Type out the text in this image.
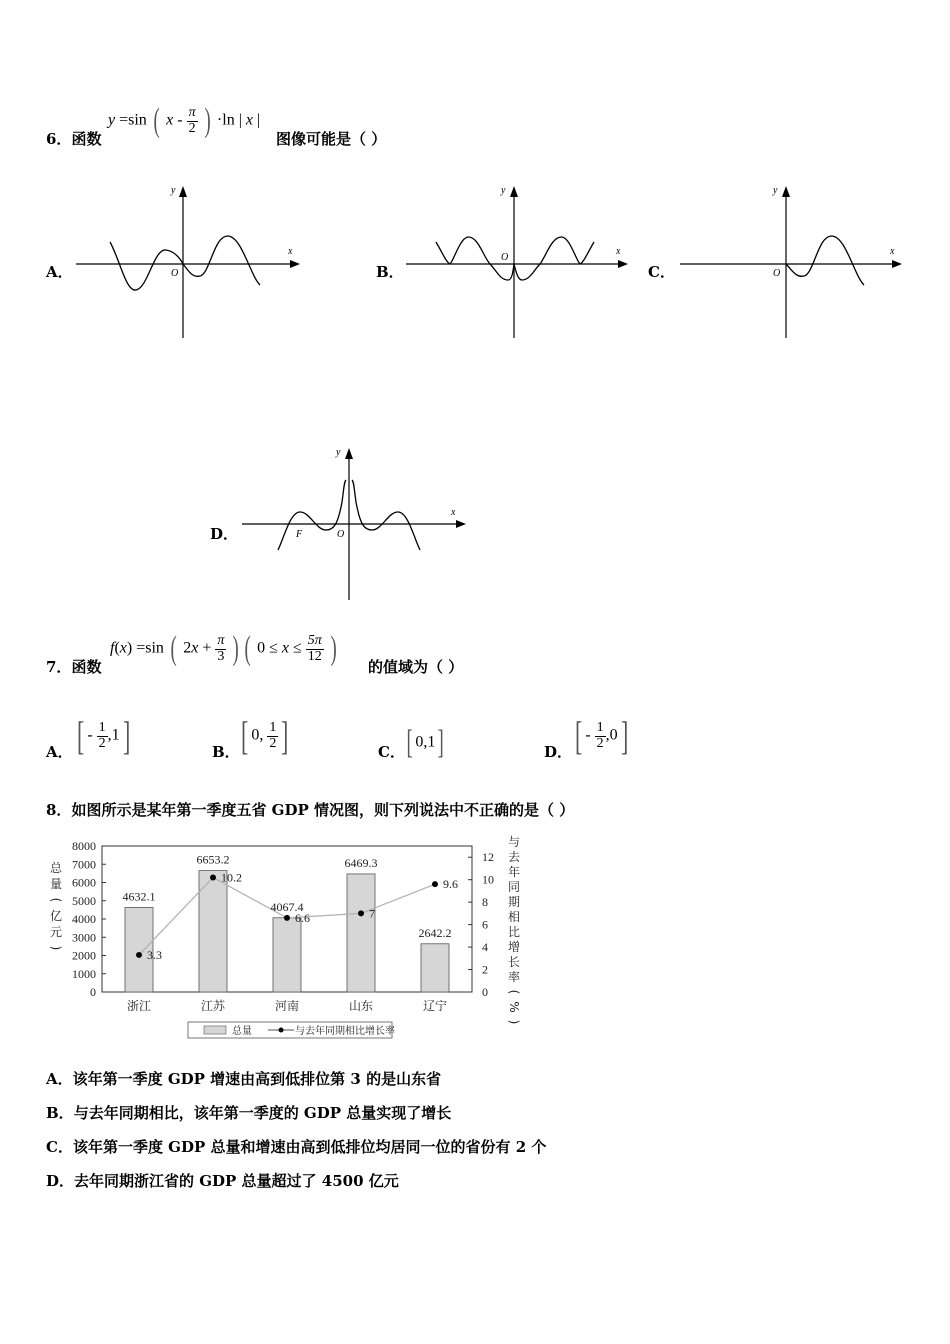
6．函数
y =sin ( x - $\frac{\pi}{2}$ ) ·ln | x |
图像可能是（ ）
A．
x
y
O	B．
x
y
O
C．
x
y
O
D．
x
y
O
F
7．函数
f(x) =sin ( $2x + \frac{\pi}{3}$ ) ( $0 \le x \le \frac{5\pi}{12}$ ) 的值域为（ ）
A． [ - $\frac{1}{2} ,1$]	B． [ 0, $\frac{1}{2}$ ]	C． [ 0,1]	D． [ - $\frac{1}{2} ,0$]
8．如图所示是某年第一季度五省 GDP 情况图，则下列说法中不正确的是（ ）
0
1000
2000
3000
4000
5000
6000
7000
8000
0
2
4
6
8
10
12
总
量
(
亿
元
)
与
去
年
同
期
相
比
增
长
率
(
%
)
4632.1
浙江
6653.2
江苏
4067.4
河南
6469.3
山东
2642.2
辽宁
3.3
10.2
6.6	7
9.6
总量	与去年同期相比增长率
A．该年第一季度 GDP 增速由高到低排位第 3 的是山东省
B．与去年同期相比，该年第一季度的 GDP 总量实现了增长
C．该年第一季度 GDP 总量和增速由高到低排位均居同一位的省份有 2 个
D．去年同期浙江省的 GDP 总量超过了 4500 亿元
